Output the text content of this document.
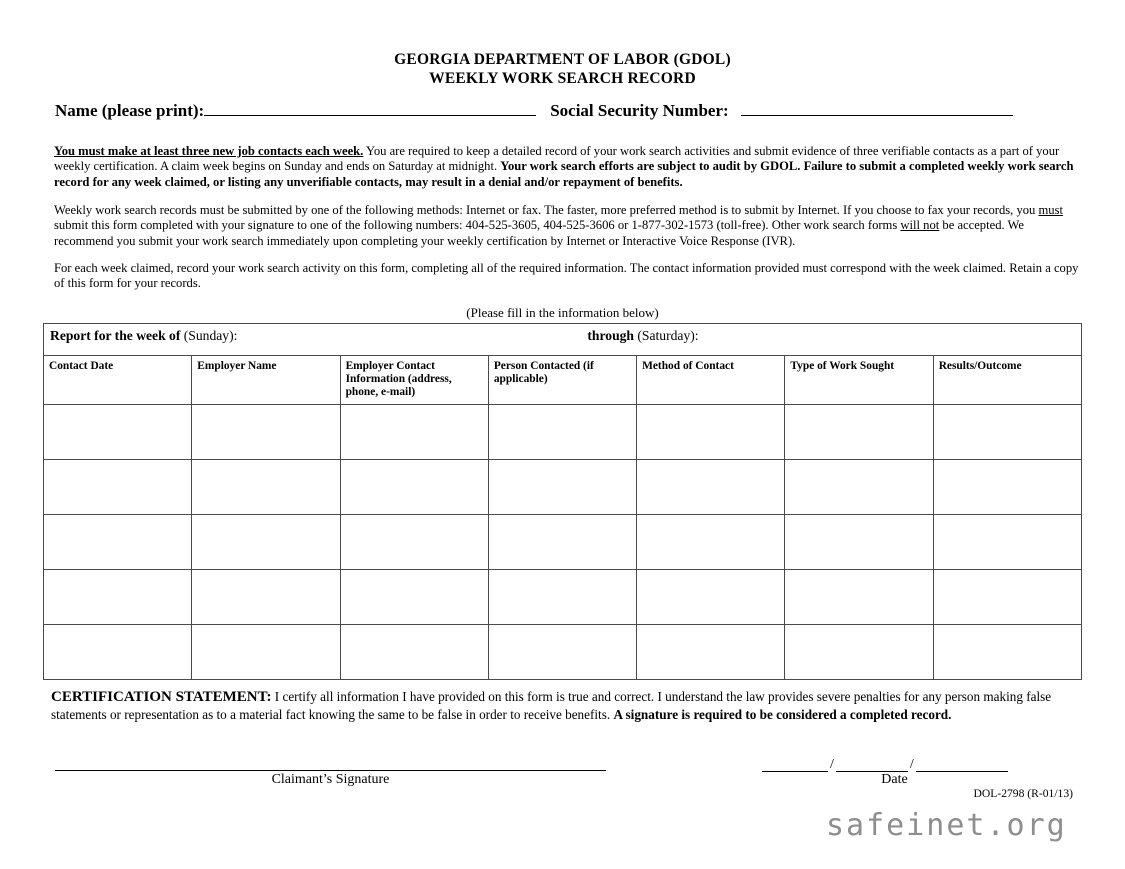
GEORGIA DEPARTMENT OF LABOR (GDOL)
WEEKLY WORK SEARCH RECORD
Name (please print):	Social Security Number:
You must make at least three new job contacts each week. You are required to keep a detailed record of your work search activities and submit evidence of three verifiable contacts as a part of your weekly certification. A claim week begins on Sunday and ends on Saturday at midnight. Your work search efforts are subject to audit by GDOL. Failure to submit a completed weekly work search record for any week claimed, or listing any unverifiable contacts, may result in a denial and/or repayment of benefits.
Weekly work search records must be submitted by one of the following methods: Internet or fax. The faster, more preferred method is to submit by Internet. If you choose to fax your records, you must submit this form completed with your signature to one of the following numbers: 404-525-3605, 404-525-3606 or 1-877-302-1573 (toll-free). Other work search forms will not be accepted. We recommend you submit your work search immediately upon completing your weekly certification by Internet or Interactive Voice Response (IVR).
For each week claimed, record your work search activity on this form, completing all of the required information. The contact information provided must correspond with the week claimed. Retain a copy of this form for your records.
(Please fill in the information below)
Report for the week of
(Sunday): through
(Saturday):						

Contact Date	Employer Name	Employer Contact Information (address, phone, e-mail)	Person Contacted (if applicable)	Method of Contact	Type of Work Sought	Results/Outcome

CERTIFICATION STATEMENT: I certify all information I have provided on this form is true and correct. I understand the law provides severe penalties for any person making false statements or representation as to a material fact knowing the same to be false in order to receive benefits. A signature is required to be considered a completed record.
Claimant’s Signature
/	/
Date
DOL-2798 (R-01/13)
safeinet.org
